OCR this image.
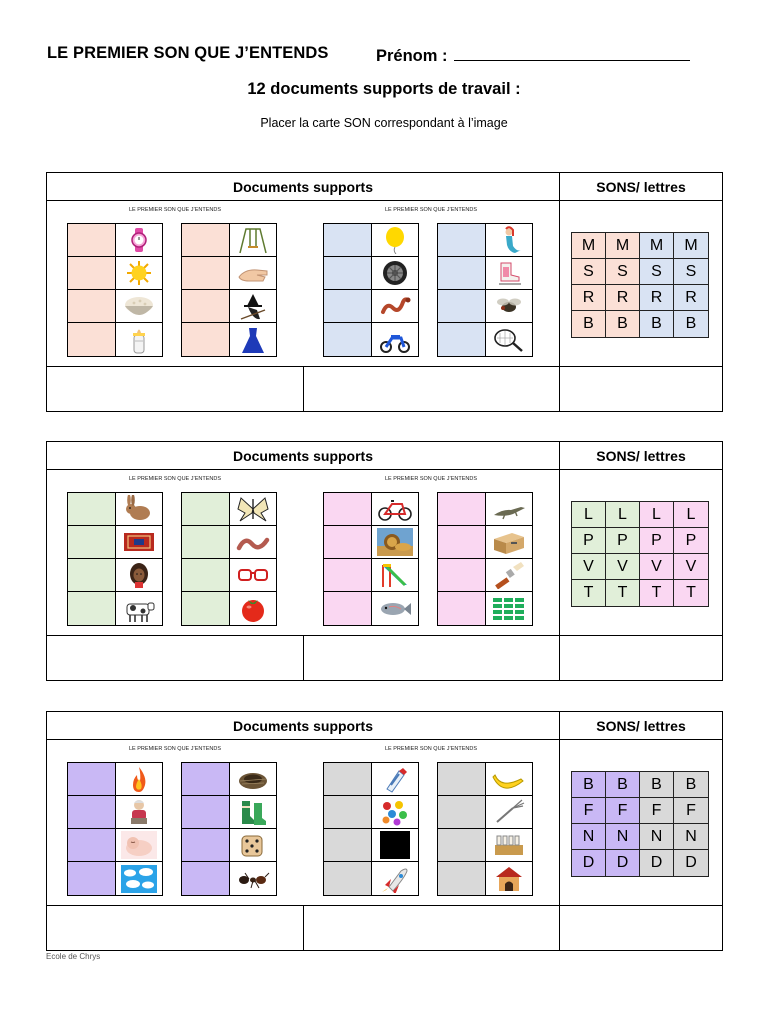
LE PREMIER SON QUE J’ENTENDS	Prénom :
12 documents supports de travail :
Placer la carte SON correspondant à l’image
Documents supports	SONS/ lettres
LE PREMIER SON QUE J’ENTENDS	LE PREMIER SON QUE J’ENTENDS
M	M	M	M
S	S	S	S
R	R	R	R
B	B	B	B
Documents supports	SONS/ lettres
LE PREMIER SON QUE J’ENTENDS	LE PREMIER SON QUE J’ENTENDS
L	L	L	L
P	P	P	P
V	V	V	V
T	T	T	T
Documents supports	SONS/ lettres
LE PREMIER SON QUE J’ENTENDS	LE PREMIER SON QUE J’ENTENDS
B	B	B	B
F	F	F	F
N	N	N	N
D	D	D	D
Ecole de Chrys
